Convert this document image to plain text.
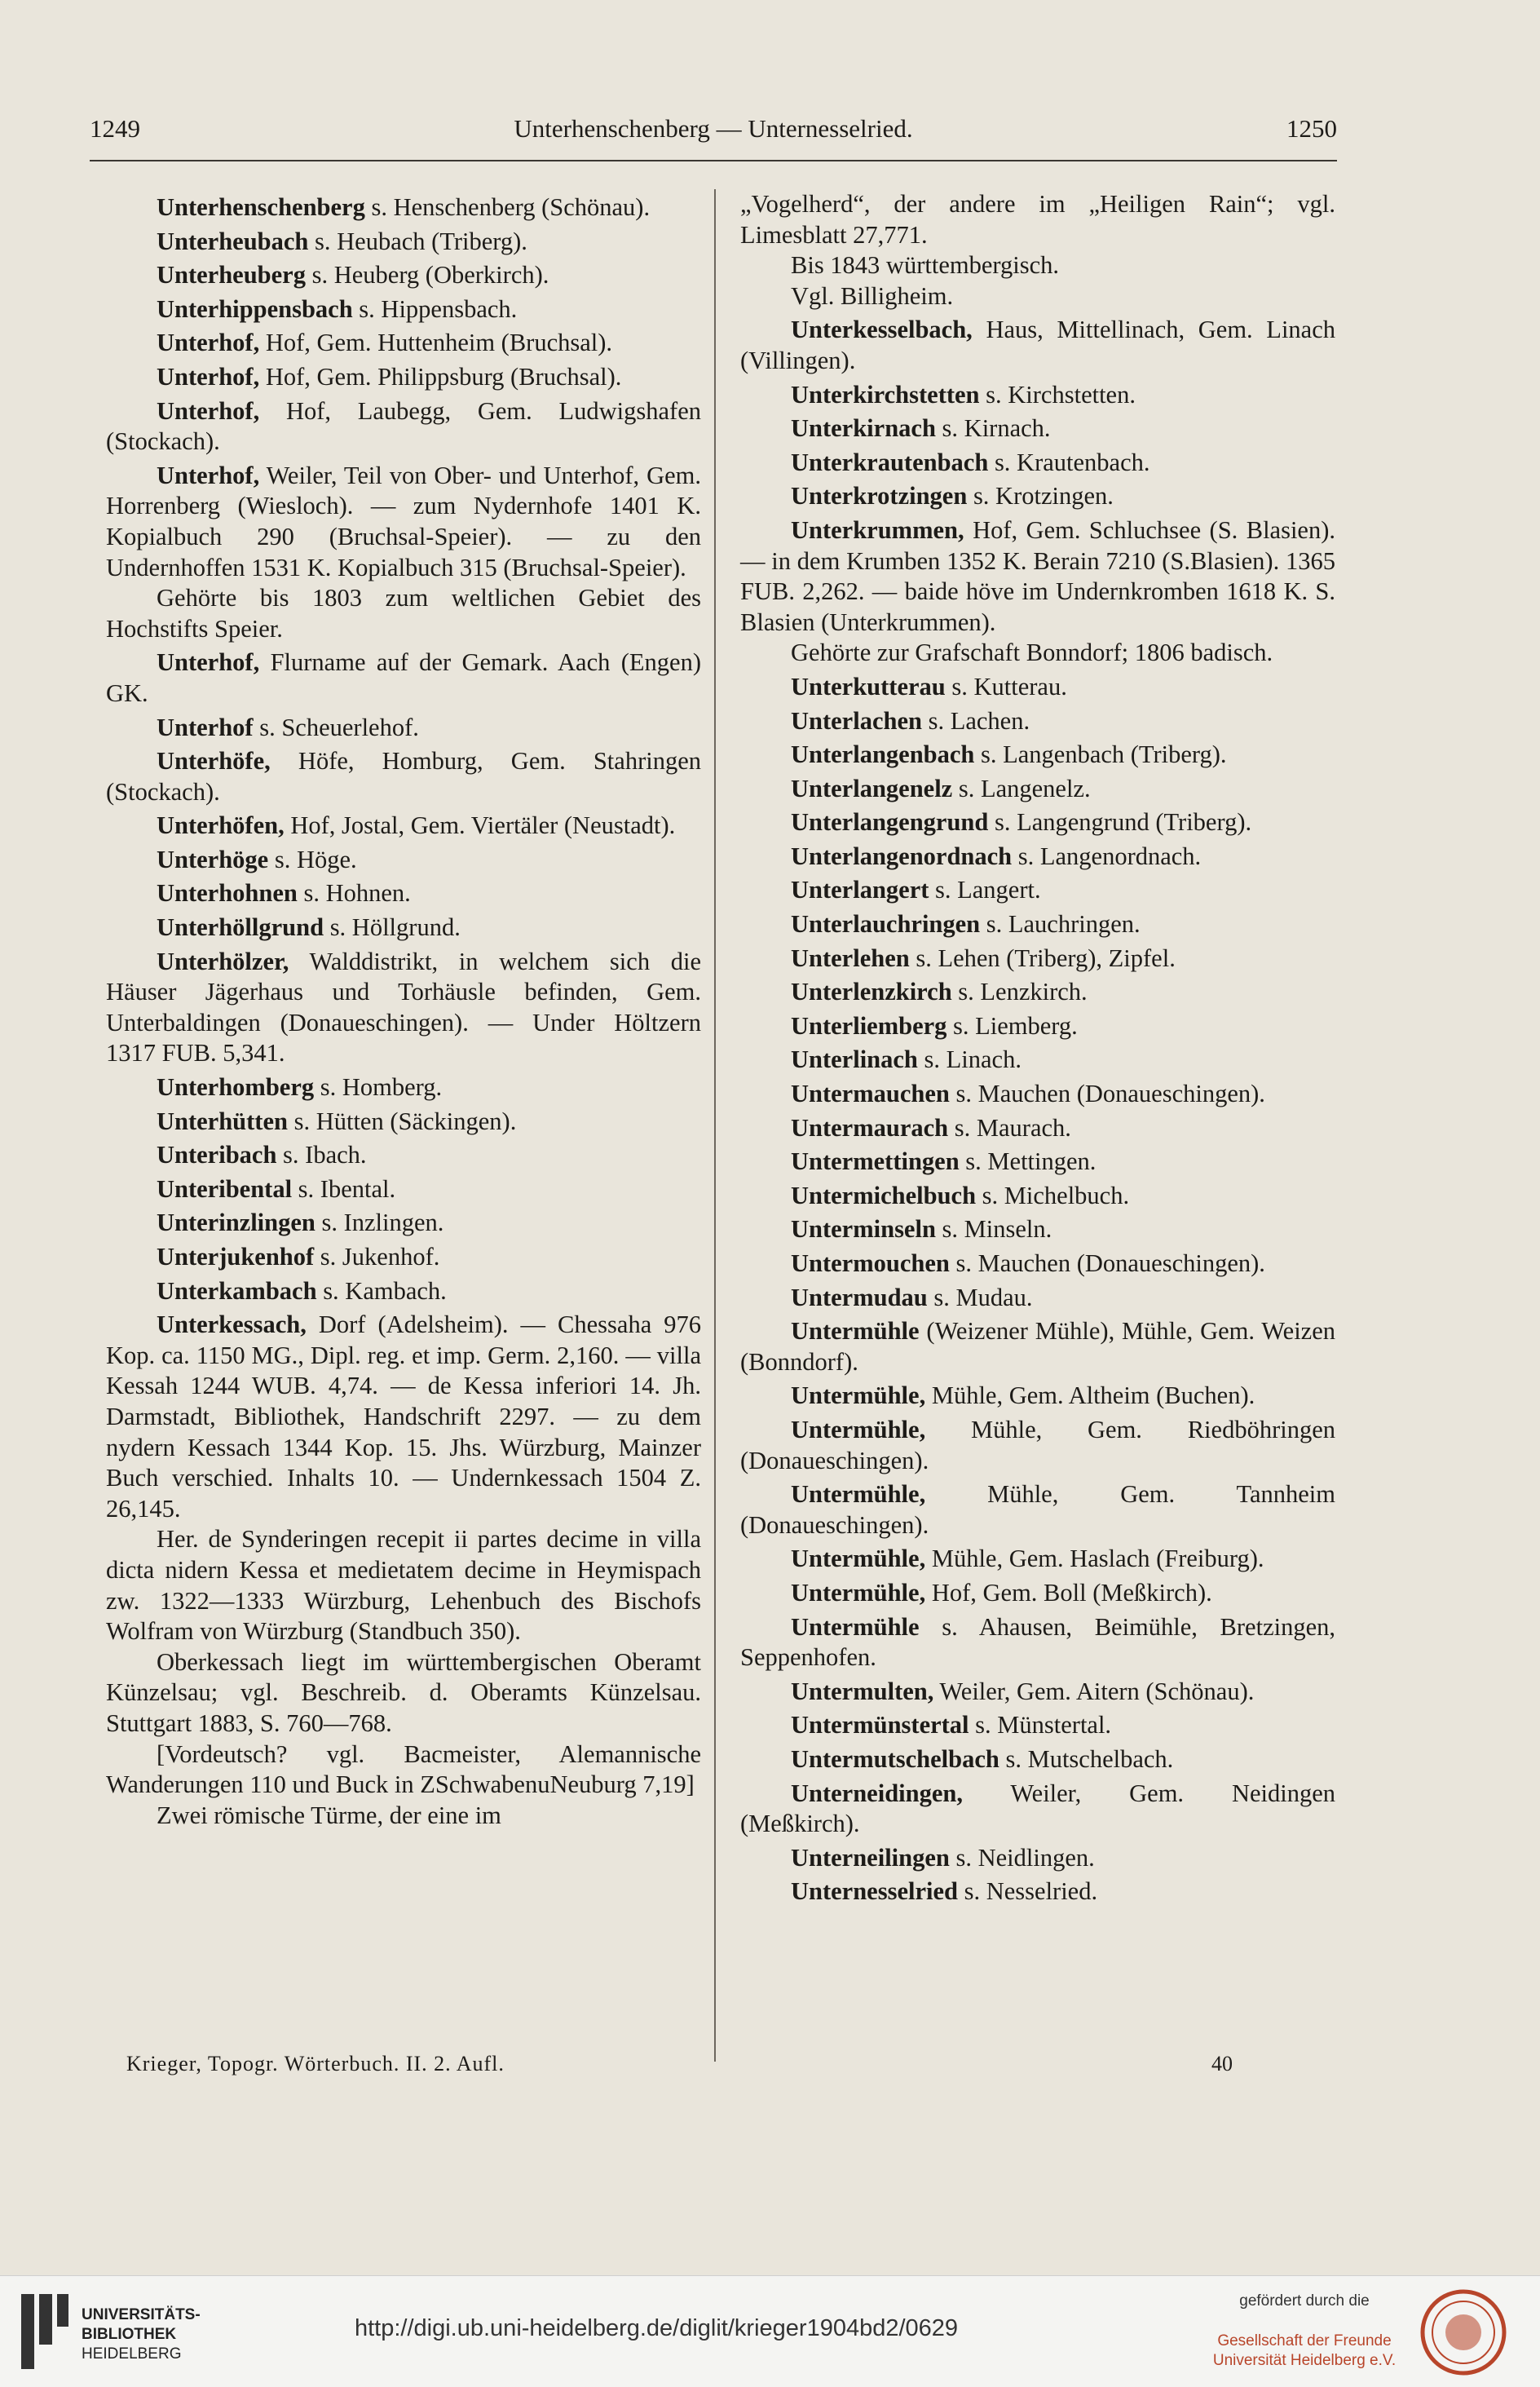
1249	Unterhenschenberg — Unternesselried.	1250

Unterhenschenberg s. Henschenberg (Schönau).

Unterheubach s. Heubach (Triberg).

Unterheuberg s. Heuberg (Oberkirch).

Unterhippensbach s. Hippensbach.

Unterhof, Hof, Gem. Huttenheim (Bruchsal).

Unterhof, Hof, Gem. Philippsburg (Bruchsal).

Unterhof, Hof, Laubegg, Gem. Ludwigshafen (Stockach).

Unterhof, Weiler, Teil von Ober- und Unterhof, Gem. Horrenberg (Wiesloch). — zum Nydernhofe 1401 K. Kopialbuch 290 (Bruchsal-Speier). — zu den Undernhoffen 1531 K. Kopialbuch 315 (Bruchsal-Speier).

Gehörte bis 1803 zum weltlichen Gebiet des Hochstifts Speier.

Unterhof, Flurname auf der Gemark. Aach (Engen) GK.

Unterhof s. Scheuerlehof.

Unterhöfe, Höfe, Homburg, Gem. Stahringen (Stockach).

Unterhöfen, Hof, Jostal, Gem. Viertäler (Neustadt).

Unterhöge s. Höge.

Unterhohnen s. Hohnen.

Unterhöllgrund s. Höllgrund.

Unterhölzer, Walddistrikt, in welchem sich die Häuser Jägerhaus und Torhäusle befinden, Gem. Unterbaldingen (Donaueschingen). — Under Höltzern 1317 FUB. 5,341.

Unterhomberg s. Homberg.

Unterhütten s. Hütten (Säckingen).

Unteribach s. Ibach.

Unteribental s. Ibental.

Unterinzlingen s. Inzlingen.

Unterjukenhof s. Jukenhof.

Unterkambach s. Kambach.

Unterkessach, Dorf (Adelsheim). — Chessaha 976 Kop. ca. 1150 MG., Dipl. reg. et imp. Germ. 2,160. — villa Kessah 1244 WUB. 4,74. — de Kessa inferiori 14. Jh. Darmstadt, Bibliothek, Handschrift 2297. — zu dem nydern Kessach 1344 Kop. 15. Jhs. Würzburg, Mainzer Buch verschied. Inhalts 10. — Undernkessach 1504 Z. 26,145.

Her. de Synderingen recepit ii partes decime in villa dicta nidern Kessa et medietatem decime in Heymispach zw. 1322—1333 Würzburg, Lehenbuch des Bischofs Wolfram von Würzburg (Standbuch 350).

Oberkessach liegt im württembergischen Oberamt Künzelsau; vgl. Beschreib. d. Oberamts Künzelsau. Stuttgart 1883, S. 760—768.

[Vordeutsch? vgl. Bacmeister, Alemannische Wanderungen 110 und Buck in ZSchwabenuNeuburg 7,19]

Zwei römische Türme, der eine im

„Vogelherd“, der andere im „Heiligen Rain“; vgl. Limesblatt 27,771.

Bis 1843 württembergisch.

Vgl. Billigheim.

Unterkesselbach, Haus, Mittellinach, Gem. Linach (Villingen).

Unterkirchstetten s. Kirchstetten.

Unterkirnach s. Kirnach.

Unterkrautenbach s. Krautenbach.

Unterkrotzingen s. Krotzingen.

Unterkrummen, Hof, Gem. Schluchsee (S. Blasien). — in dem Krumben 1352 K. Berain 7210 (S.Blasien). 1365 FUB. 2,262. — baide höve im Undernkromben 1618 K. S. Blasien (Unterkrummen).

Gehörte zur Grafschaft Bonndorf; 1806 badisch.

Unterkutterau s. Kutterau.

Unterlachen s. Lachen.

Unterlangenbach s. Langenbach (Triberg).

Unterlangenelz s. Langenelz.

Unterlangengrund s. Langengrund (Triberg).

Unterlangenordnach s. Langenordnach.

Unterlangert s. Langert.

Unterlauchringen s. Lauchringen.

Unterlehen s. Lehen (Triberg), Zipfel.

Unterlenzkirch s. Lenzkirch.

Unterliemberg s. Liemberg.

Unterlinach s. Linach.

Untermauchen s. Mauchen (Donaueschingen).

Untermaurach s. Maurach.

Untermettingen s. Mettingen.

Untermichelbuch s. Michelbuch.

Unterminseln s. Minseln.

Untermouchen s. Mauchen (Donaueschingen).

Untermudau s. Mudau.

Untermühle (Weizener Mühle), Mühle, Gem. Weizen (Bonndorf).

Untermühle, Mühle, Gem. Altheim (Buchen).

Untermühle, Mühle, Gem. Riedböhringen (Donaueschingen).

Untermühle, Mühle, Gem. Tannheim (Donaueschingen).

Untermühle, Mühle, Gem. Haslach (Freiburg).

Untermühle, Hof, Gem. Boll (Meßkirch).

Untermühle s. Ahausen, Beimühle, Bretzingen, Seppenhofen.

Untermulten, Weiler, Gem. Aitern (Schönau).

Untermünstertal s. Münstertal.

Untermutschelbach s. Mutschelbach.

Unterneidingen, Weiler, Gem. Neidingen (Meßkirch).

Unterneilingen s. Neidlingen.

Unternesselried s. Nesselried.

Krieger, Topogr. Wörterbuch. II. 2. Aufl.	40
UNIVERSITÄTS-
BIBLIOTHEK
HEIDELBERG
http://digi.ub.uni-heidelberg.de/diglit/krieger1904bd2/0629
gefördert durch die
Gesellschaft der Freunde
Universität Heidelberg e.V.
